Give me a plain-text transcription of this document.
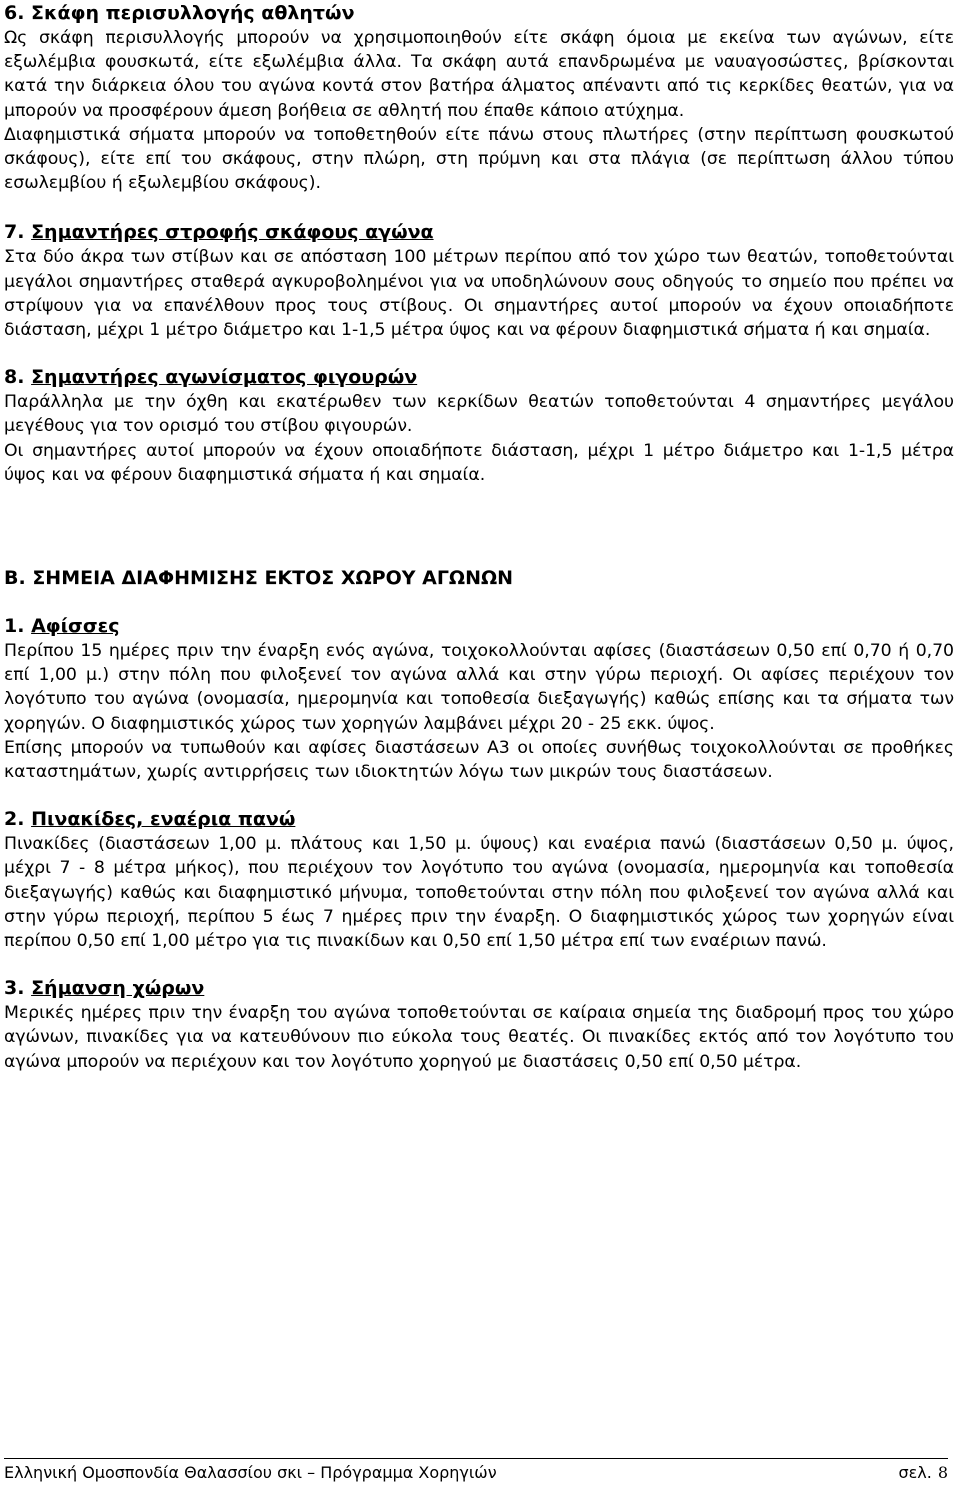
6. Σκάφη περισυλλογής αθλητών

Ως σκάφη περισυλλογής μπορούν να χρησιμοποιηθούν είτε σκάφη όμοια με εκείνα των αγώνων, είτε εξωλέμβια φουσκωτά, είτε εξωλέμβια άλλα. Τα σκάφη αυτά επανδρωμένα με ναυαγοσώστες, βρίσκονται κατά την διάρκεια όλου του αγώνα κοντά στον βατήρα άλματος απέναντι από τις κερκίδες θεατών, για να μπορούν να προσφέρουν άμεση βοήθεια σε αθλητή που έπαθε κάποιο ατύχημα.

Διαφημιστικά σήματα μπορούν να τοποθετηθούν είτε πάνω στους πλωτήρες (στην περίπτωση φουσκωτού σκάφους), είτε επί του σκάφους, στην πλώρη, στη πρύμνη και στα πλάγια (σε περίπτωση άλλου τύπου εσωλεμβίου ή εξωλεμβίου σκάφους).

7. Σημαντήρες στροφής σκάφους αγώνα

Στα δύο άκρα των στίβων και σε απόσταση 100 μέτρων περίπου από τον χώρο των θεατών, τοποθετούνται μεγάλοι σημαντήρες σταθερά αγκυροβολημένοι για να υποδηλώνουν σους οδηγούς το σημείο που πρέπει να στρίψουν για να επανέλθουν προς τους στίβους. Οι σημαντήρες αυτοί μπορούν να έχουν οποιαδήποτε διάσταση, μέχρι 1 μέτρο διάμετρο και 1-1,5 μέτρα ύψος και να φέρουν διαφημιστικά σήματα ή και σημαία.

8. Σημαντήρες αγωνίσματος φιγουρών

Παράλληλα με την όχθη και εκατέρωθεν των κερκίδων θεατών τοποθετούνται 4 σημαντήρες μεγάλου μεγέθους για τον ορισμό του στίβου φιγουρών.

Οι σημαντήρες αυτοί μπορούν να έχουν οποιαδήποτε διάσταση, μέχρι 1 μέτρο διάμετρο και 1-1,5 μέτρα ύψος και να φέρουν διαφημιστικά σήματα ή και σημαία.

Β. ΣΗΜΕΙΑ ΔΙΑΦΗΜΙΣΗΣ ΕΚΤΟΣ ΧΩΡΟΥ ΑΓΩΝΩΝ
1. Αφίσσες

Περίπου 15 ημέρες πριν την έναρξη ενός αγώνα, τοιχοκολλούνται αφίσες (διαστάσεων 0,50 επί 0,70 ή 0,70 επί 1,00 μ.) στην πόλη που φιλοξενεί τον αγώνα αλλά και στην γύρω περιοχή. Οι αφίσες περιέχουν τον λογότυπο του αγώνα (ονομασία, ημερομηνία και τοποθεσία διεξαγωγής) καθώς επίσης και τα σήματα των χορηγών. Ο διαφημιστικός χώρος των χορηγών λαμβάνει μέχρι 20 - 25 εκκ. ύψος.

Επίσης μπορούν να τυπωθούν και αφίσες διαστάσεων Α3 οι οποίες συνήθως τοιχοκολλούνται σε προθήκες καταστημάτων, χωρίς αντιρρήσεις των ιδιοκτητών λόγω των μικρών τους διαστάσεων.

2. Πινακίδες, εναέρια πανώ

Πινακίδες (διαστάσεων 1,00 μ. πλάτους και 1,50 μ. ύψους) και εναέρια πανώ (διαστάσεων 0,50 μ. ύψος, μέχρι 7 - 8 μέτρα μήκος), που περιέχουν τον λογότυπο του αγώνα (ονομασία, ημερομηνία και τοποθεσία διεξαγωγής) καθώς και διαφημιστικό μήνυμα, τοποθετούνται στην πόλη που φιλοξενεί τον αγώνα αλλά και στην γύρω περιοχή, περίπου 5 έως 7 ημέρες πριν την έναρξη. Ο διαφημιστικός χώρος των χορηγών είναι περίπου 0,50 επί 1,00 μέτρο για τις πινακίδων και 0,50 επί 1,50 μέτρα επί των εναέριων πανώ.

3. Σήμανση χώρων

Μερικές ημέρες πριν την έναρξη του αγώνα τοποθετούνται σε καίραια σημεία της διαδρομή προς του χώρο αγώνων, πινακίδες για να κατευθύνουν πιο εύκολα τους θεατές. Οι πινακίδες εκτός από τον λογότυπο του αγώνα μπορούν να περιέχουν και τον λογότυπο χορηγού με διαστάσεις 0,50 επί 0,50 μέτρα.

Ελληνική Ομοσπονδία Θαλασσίου σκι – Πρόγραμμα Χορηγιών	σελ. 8
